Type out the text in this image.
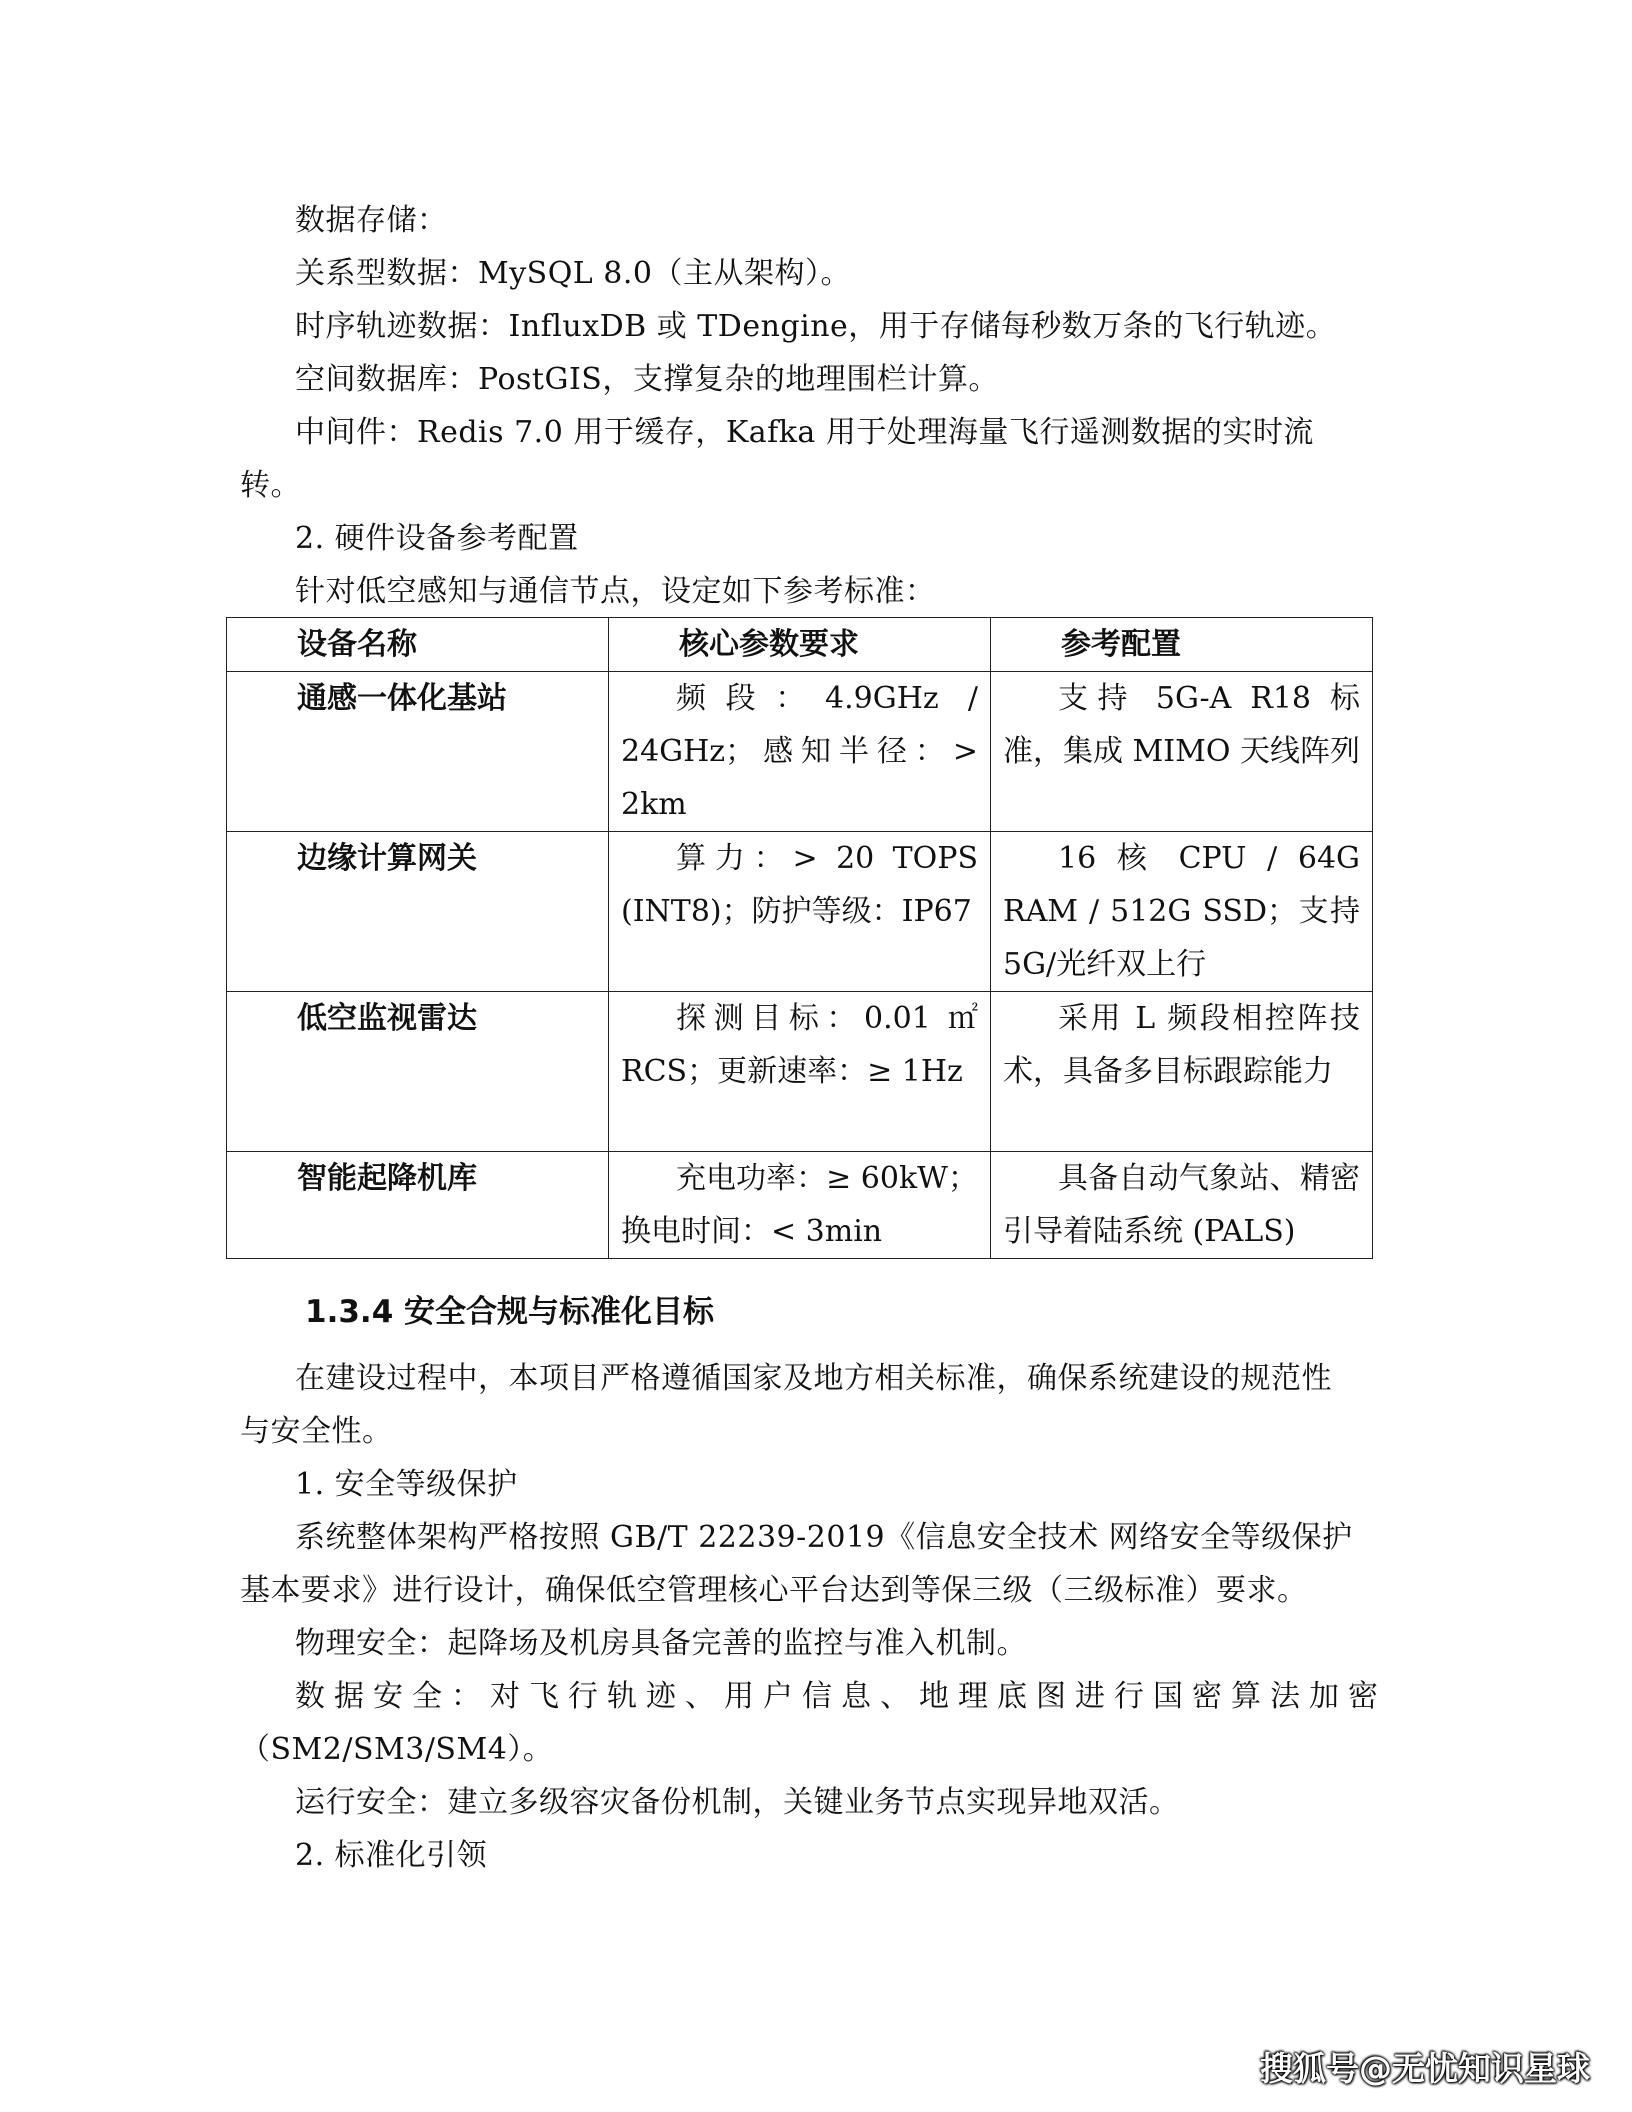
数据存储：
关系型数据：MySQL 8.0（主从架构）。
时序轨迹数据：InfluxDB 或 TDengine，用于存储每秒数万条的飞行轨迹。
空间数据库：PostGIS，支撑复杂的地理围栏计算。
中间件：Redis 7.0 用于缓存，Kafka 用于处理海量飞行遥测数据的实时流
转。
2. 硬件设备参考配置
针对低空感知与通信节点，设定如下参考标准：
设备名称	核心参数要求	参考配置
通感一体化基站	频段：4.9GHz / 24GHz；感知半径：> 2km	支持 5G-A R18 标准，集成 MIMO 天线阵列

边缘计算网关	算力：> 20 TOPS (INT8)；防护等级：IP67	16 核 CPU / 64G RAM / 512G SSD；支持 5G/光纤双上行

低空监视雷达	探测目标：0.01 ㎡ RCS；更新速率：≥ 1Hz	采用 L 频段相控阵技术，具备多目标跟踪能力

智能起降机库	充电功率：≥ 60kW；换电时间：< 3min	具备自动气象站、精密引导着陆系统 (PALS)
1.3.4 安全合规与标准化目标
在建设过程中，本项目严格遵循国家及地方相关标准，确保系统建设的规范性
与安全性。
1. 安全等级保护
系统整体架构严格按照 GB/T 22239-2019《信息安全技术 网络安全等级保护
基本要求》进行设计，确保低空管理核心平台达到等保三级（三级标准）要求。
物理安全：起降场及机房具备完善的监控与准入机制。
数据安全：对飞行轨迹、用户信息、地理底图进行国密算法加密
（SM2/SM3/SM4）。
运行安全：建立多级容灾备份机制，关键业务节点实现异地双活。
2. 标准化引领
搜狐号@无忧知识星球
